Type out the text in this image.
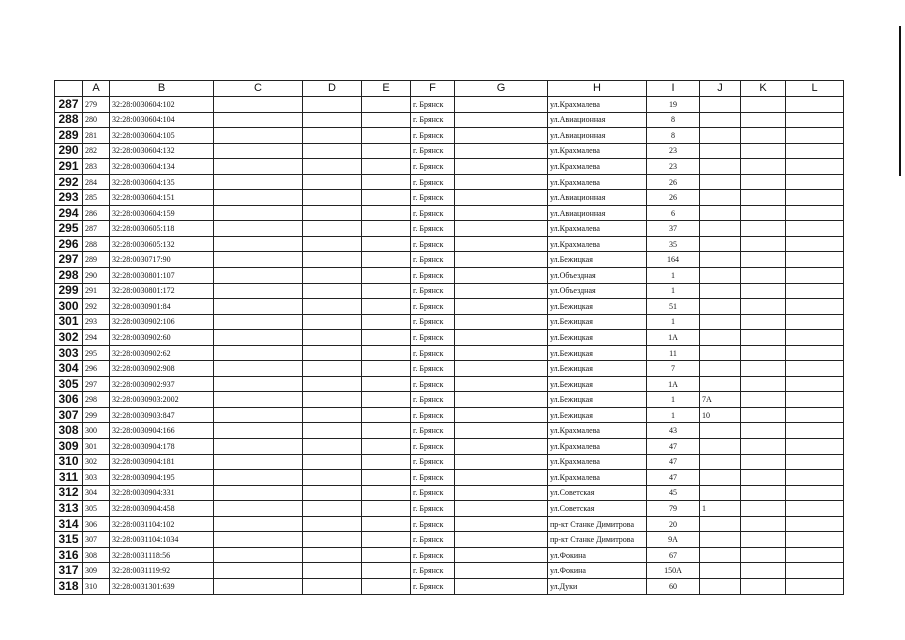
	A	B	C	D	E	F	G	H	I	J	K	L
287	279	32:28:0030604:102				г. Брянск		ул.Крахмалева	19			
288	280	32:28:0030604:104				г. Брянск		ул.Авиационная	8			
289	281	32:28:0030604:105				г. Брянск		ул.Авиационная	8			
290	282	32:28:0030604:132				г. Брянск		ул.Крахмалева	23			
291	283	32:28:0030604:134				г. Брянск		ул.Крахмалева	23			
292	284	32:28:0030604:135				г. Брянск		ул.Крахмалева	26			
293	285	32:28:0030604:151				г. Брянск		ул.Авиационная	26			
294	286	32:28:0030604:159				г. Брянск		ул.Авиационная	6			
295	287	32:28:0030605:118				г. Брянск		ул.Крахмалева	37			
296	288	32:28:0030605:132				г. Брянск		ул.Крахмалева	35			
297	289	32:28:0030717:90				г. Брянск		ул.Бежицкая	164			
298	290	32:28:0030801:107				г. Брянск		ул.Объездная	1			
299	291	32:28:0030801:172				г. Брянск		ул.Объездная	1			
300	292	32:28:0030901:84				г. Брянск		ул.Бежицкая	51			
301	293	32:28:0030902:106				г. Брянск		ул.Бежицкая	1			
302	294	32:28:0030902:60				г. Брянск		ул.Бежицкая	1А			
303	295	32:28:0030902:62				г. Брянск		ул.Бежицкая	11			
304	296	32:28:0030902:908				г. Брянск		ул.Бежицкая	7			
305	297	32:28:0030902:937				г. Брянск		ул.Бежицкая	1А			
306	298	32:28:0030903:2002				г. Брянск		ул.Бежицкая	1	7А		
307	299	32:28:0030903:847				г. Брянск		ул.Бежицкая	1	10		
308	300	32:28:0030904:166				г. Брянск		ул.Крахмалева	43			
309	301	32:28:0030904:178				г. Брянск		ул.Крахмалева	47			
310	302	32:28:0030904:181				г. Брянск		ул.Крахмалева	47			
311	303	32:28:0030904:195				г. Брянск		ул.Крахмалева	47			
312	304	32:28:0030904:331				г. Брянск		ул.Советская	45			
313	305	32:28:0030904:458				г. Брянск		ул.Советская	79	1		
314	306	32:28:0031104:102				г. Брянск		пр-кт Станке Димитрова	20			
315	307	32:28:0031104:1034				г. Брянск		пр-кт Станке Димитрова	9А			
316	308	32:28:0031118:56				г. Брянск		ул.Фокина	67			
317	309	32:28:0031119:92				г. Брянск		ул.Фокина	150А			
318	310	32:28:0031301:639				г. Брянск		ул.Дуки	60			
